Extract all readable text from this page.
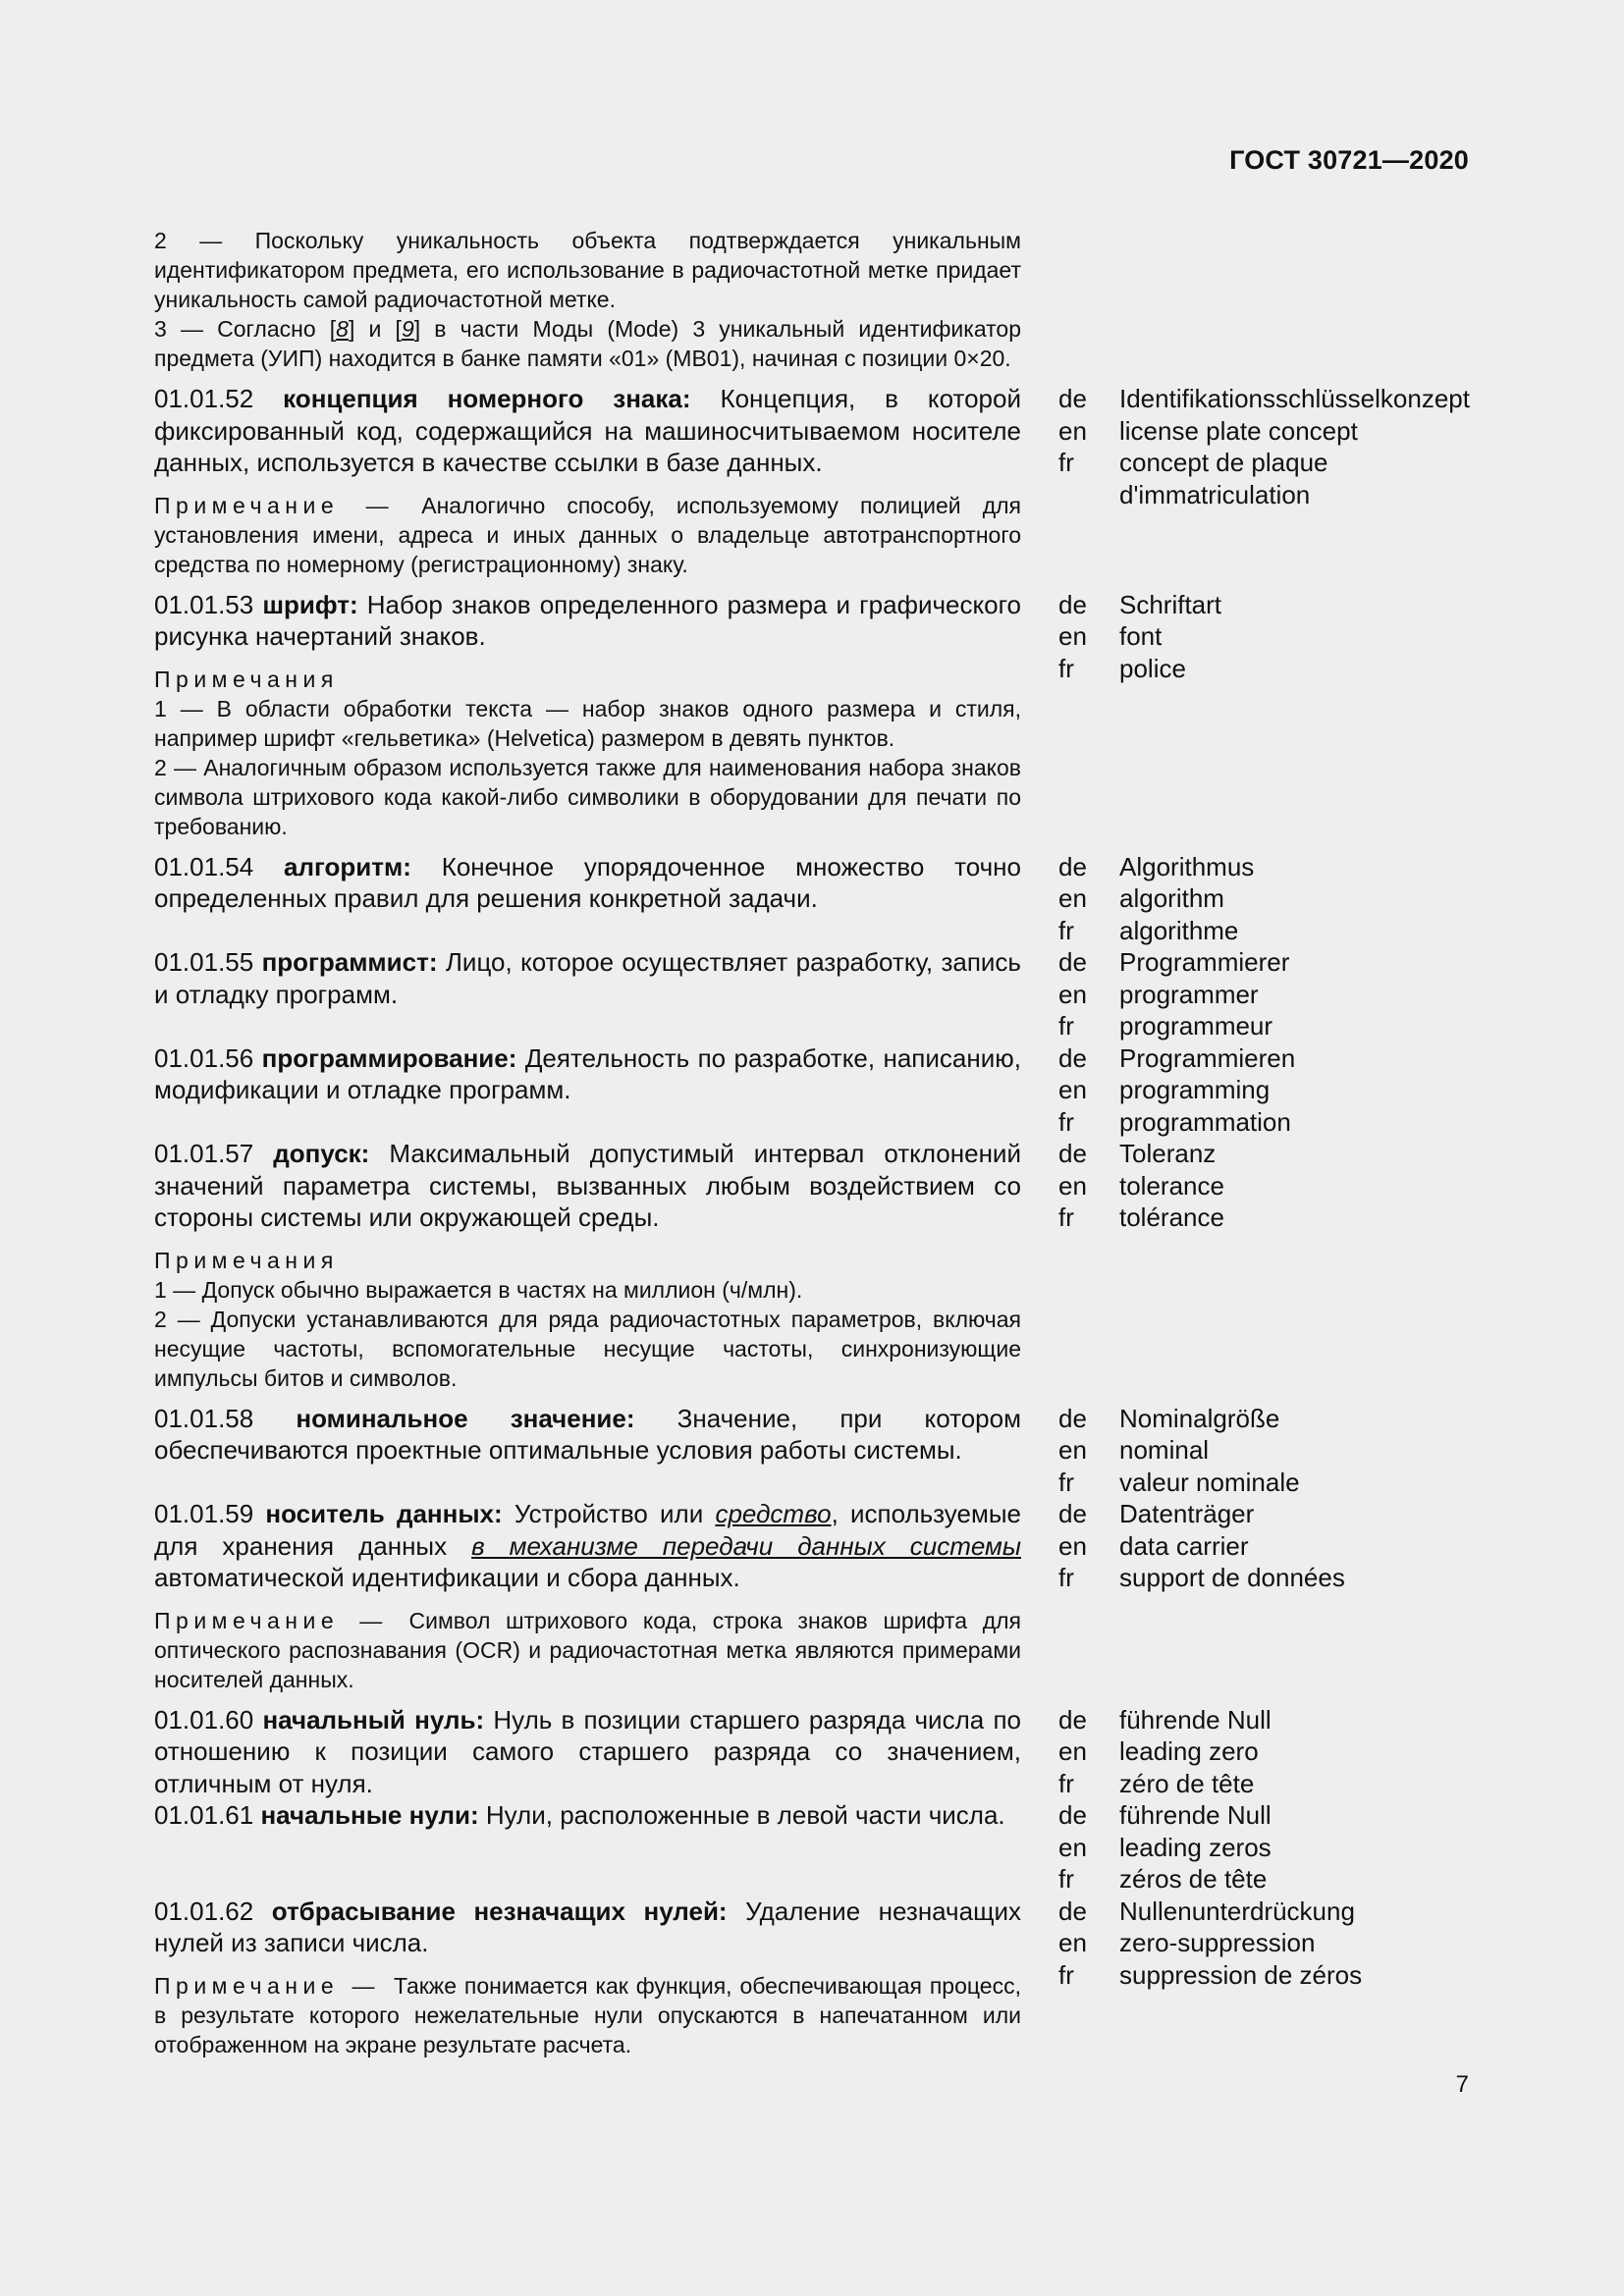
ГОСТ 30721—2020
2 — Поскольку уникальность объекта подтверждается уникальным идентификатором предмета, его использование в радиочастотной метке придает уникальность самой радиочастотной метке.
3 — Согласно [8] и [9] в части Моды (Mode) 3 уникальный идентификатор предмета (УИП) находится в банке памяти «01» (MB01), начиная с позиции 0×20.

01.01.52 концепция номерного знака: Концепция, в которой фиксированный код, содержащийся на машиносчитываемом носителе данных, используется в качестве ссылки в базе данных.

Примечание — Аналогично способу, используемому полицией для установления имени, адреса и иных данных о владельце автотранспортного средства по номерному (регистрационному) знаку.
de	Identifikationsschlüsselkonzept
en	license plate concept
fr	concept de plaque d'immatriculation

01.01.53 шрифт: Набор знаков определенного размера и графического рисунка начертаний знаков.

Примечания
1 — В области обработки текста — набор знаков одного размера и стиля, например шрифт «гельветика» (Helvetica) размером в девять пунктов.
2 — Аналогичным образом используется также для наименования набора знаков символа штрихового кода какой-либо символики в оборудовании для печати по требованию.
de	Schriftart
en	font
fr	police

01.01.54 алгоритм: Конечное упорядоченное множество точно определенных правил для решения конкретной задачи.

de	Algorithmus
en	algorithm
fr	algorithme

01.01.55 программист: Лицо, которое осуществляет разработку, запись и отладку программ.

de	Programmierer
en	programmer
fr	programmeur

01.01.56 программирование: Деятельность по разработке, написанию, модификации и отладке программ.

de	Programmieren
en	programming
fr	programmation

01.01.57 допуск: Максимальный допустимый интервал отклонений значений параметра системы, вызванных любым воздействием со стороны системы или окружающей среды.

Примечания
1 — Допуск обычно выражается в частях на миллион (ч/млн).
2 — Допуски устанавливаются для ряда радиочастотных параметров, включая несущие частоты, вспомогательные несущие частоты, синхронизующие импульсы битов и символов.
de	Toleranz
en	tolerance
fr	tolérance

01.01.58 номинальное значение: Значение, при котором обеспечиваются проектные оптимальные условия работы системы.

de	Nominalgröße
en	nominal
fr	valeur nominale

01.01.59 носитель данных: Устройство или средство, используемые для хранения данных в механизме передачи данных системы автоматической идентификации и сбора данных.

Примечание — Символ штрихового кода, строка знаков шрифта для оптического распознавания (OCR) и радиочастотная метка являются примерами носителей данных.
de	Datenträger
en	data carrier
fr	support de données

01.01.60 начальный нуль: Нуль в позиции старшего разряда числа по отношению к позиции самого старшего разряда со значением, отличным от нуля.

de	führende Null
en	leading zero
fr	zéro de tête

01.01.61 начальные нули: Нули, расположенные в левой части числа.	de	führende Null
en	leading zeros
fr	zéros de tête

01.01.62 отбрасывание незначащих нулей: Удаление незначащих нулей из записи числа.

Примечание — Также понимается как функция, обеспечивающая процесс, в результате которого нежелательные нули опускаются в напечатанном или отображенном на экране результате расчета.
de	Nullenunterdrückung
en	zero-suppression
fr	suppression de zéros
7
